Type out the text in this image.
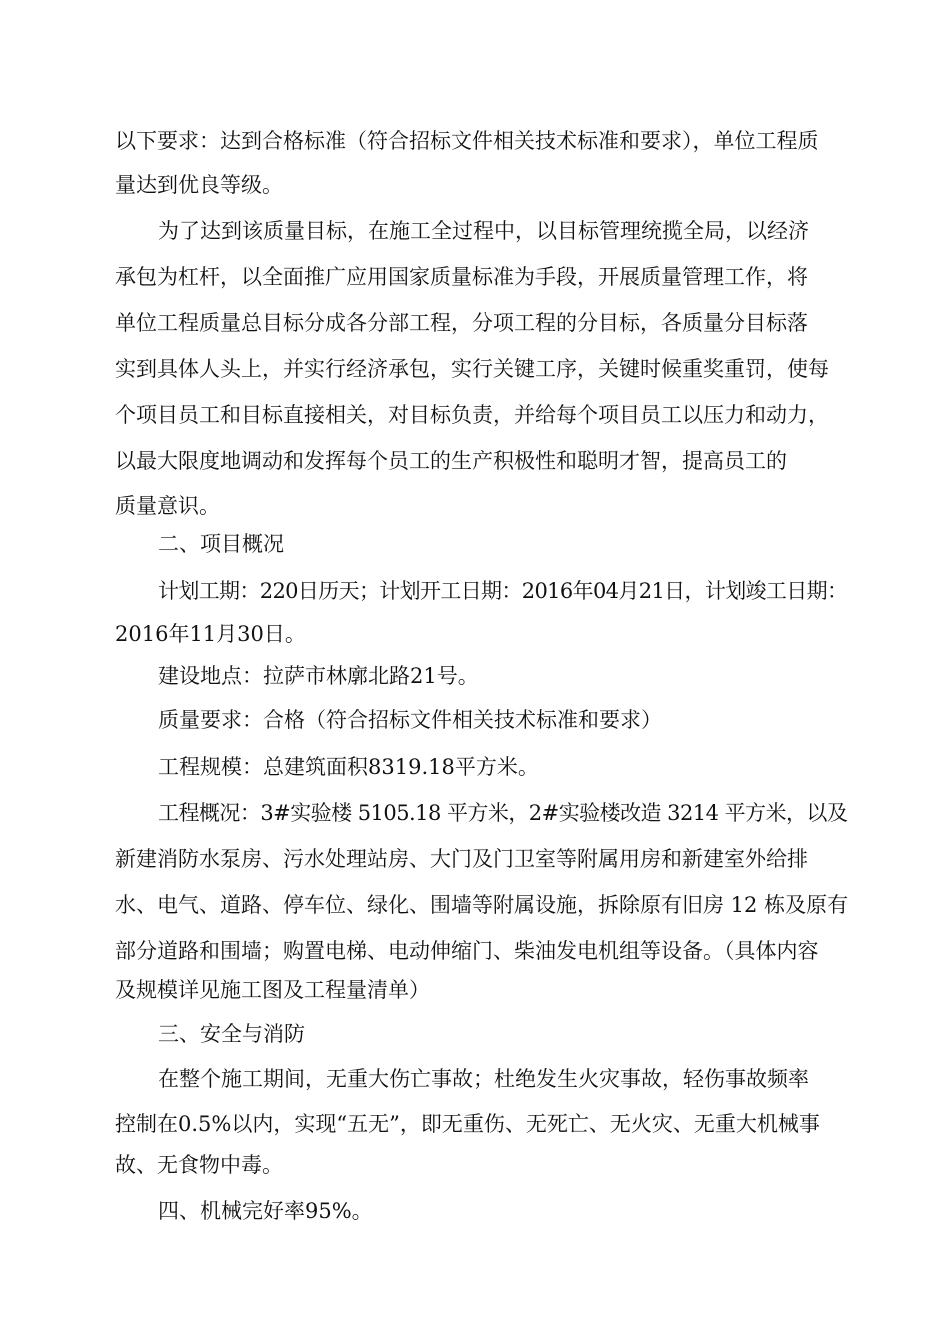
以下要求：达到合格标准（符合招标文件相关技术标准和要求），单位工程质

量达到优良等级。

为了达到该质量目标，在施工全过程中，以目标管理统揽全局，以经济

承包为杠杆，以全面推广应用国家质量标准为手段，开展质量管理工作，将

单位工程质量总目标分成各分部工程，分项工程的分目标，各质量分目标落

实到具体人头上，并实行经济承包，实行关键工序，关键时候重奖重罚，使每

个项目员工和目标直接相关，对目标负责，并给每个项目员工以压力和动力，

以最大限度地调动和发挥每个员工的生产积极性和聪明才智，提高员工的

质量意识。

二、项目概况

计划工期：220日历天；计划开工日期：2016年04月21日，计划竣工日期：

2016年11月30日。

建设地点：拉萨市林廓北路21号。

质量要求：合格（符合招标文件相关技术标准和要求）

工程规模：总建筑面积8319.18平方米。

工程概况：3#实验楼 5105.18 平方米，2#实验楼改造 3214 平方米，以及

新建消防水泵房、污水处理站房、大门及门卫室等附属用房和新建室外给排

水、电气、道路、停车位、绿化、围墙等附属设施，拆除原有旧房 12 栋及原有

部分道路和围墙；购置电梯、电动伸缩门、柴油发电机组等设备。（具体内容

及规模详见施工图及工程量清单）

三、安全与消防

在整个施工期间，无重大伤亡事故；杜绝发生火灾事故，轻伤事故频率

控制在0.5%以内，实现“五无”，即无重伤、无死亡、无火灾、无重大机械事

故、无食物中毒。

四、机械完好率95%。
